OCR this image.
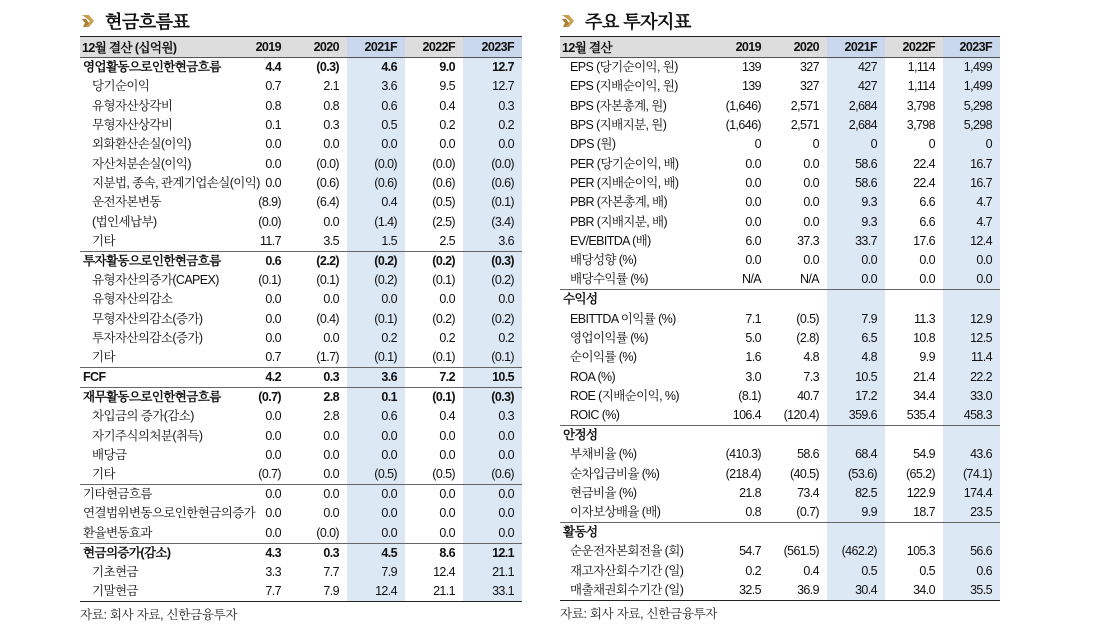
현금흐름표
12월 결산 (십억원)	2019	2020	2021F	2022F	2023F
영업활동으로인한현금흐름	4.4	(0.3)	4.6	9.0	12.7
당기순이익	0.7	2.1	3.6	9.5	12.7
유형자산상각비	0.8	0.8	0.6	0.4	0.3
무형자산상각비	0.1	0.3	0.5	0.2	0.2
외화환산손실(이익)	0.0	0.0	0.0	0.0	0.0
자산처분손실(이익)	0.0	(0.0)	(0.0)	(0.0)	(0.0)
지분법, 종속, 관계기업손실(이익)	0.0	(0.6)	(0.6)	(0.6)	(0.6)
운전자본변동	(8.9)	(6.4)	0.4	(0.5)	(0.1)
(법인세납부)	(0.0)	0.0	(1.4)	(2.5)	(3.4)
기타	11.7	3.5	1.5	2.5	3.6
투자활동으로인한현금흐름	0.6	(2.2)	(0.2)	(0.2)	(0.3)
유형자산의증가(CAPEX)	(0.1)	(0.1)	(0.2)	(0.1)	(0.2)
유형자산의감소	0.0	0.0	0.0	0.0	0.0
무형자산의감소(증가)	0.0	(0.4)	(0.1)	(0.2)	(0.2)
투자자산의감소(증가)	0.0	0.0	0.2	0.2	0.2
기타	0.7	(1.7)	(0.1)	(0.1)	(0.1)
FCF	4.2	0.3	3.6	7.2	10.5
재무활동으로인한현금흐름	(0.7)	2.8	0.1	(0.1)	(0.3)
차입금의 증가(감소)	0.0	2.8	0.6	0.4	0.3
자기주식의처분(취득)	0.0	0.0	0.0	0.0	0.0
배당금	0.0	0.0	0.0	0.0	0.0
기타	(0.7)	0.0	(0.5)	(0.5)	(0.6)
기타현금흐름	0.0	0.0	0.0	0.0	0.0
연결범위변동으로인한현금의증가	0.0	0.0	0.0	0.0	0.0
환율변동효과	0.0	(0.0)	0.0	0.0	0.0
현금의증가(감소)	4.3	0.3	4.5	8.6	12.1
기초현금	3.3	7.7	7.9	12.4	21.1
기말현금	7.7	7.9	12.4	21.1	33.1
자료: 회사 자료, 신한금융투자
주요 투자지표
12월 결산	2019	2020	2021F	2022F	2023F
EPS (당기순이익, 원)	139	327	427	1,114	1,499
EPS (지배순이익, 원)	139	327	427	1,114	1,499
BPS (자본총계, 원)	(1,646)	2,571	2,684	3,798	5,298
BPS (지배지분, 원)	(1,646)	2,571	2,684	3,798	5,298
DPS (원)	0	0	0	0	0
PER (당기순이익, 배)	0.0	0.0	58.6	22.4	16.7
PER (지배순이익, 배)	0.0	0.0	58.6	22.4	16.7
PBR (자본총계, 배)	0.0	0.0	9.3	6.6	4.7
PBR (지배지분, 배)	0.0	0.0	9.3	6.6	4.7
EV/EBITDA (배)	6.0	37.3	33.7	17.6	12.4
배당성향 (%)	0.0	0.0	0.0	0.0	0.0
배당수익률 (%)	N/A	N/A	0.0	0.0	0.0
수익성					
EBITTDA 이익률 (%)	7.1	(0.5)	7.9	11.3	12.9
영업이익률 (%)	5.0	(2.8)	6.5	10.8	12.5
순이익률 (%)	1.6	4.8	4.8	9.9	11.4
ROA (%)	3.0	7.3	10.5	21.4	22.2
ROE (지배순이익, %)	(8.1)	40.7	17.2	34.4	33.0
ROIC (%)	106.4	(120.4)	359.6	535.4	458.3
안정성					
부채비율 (%)	(410.3)	58.6	68.4	54.9	43.6
순차입금비율 (%)	(218.4)	(40.5)	(53.6)	(65.2)	(74.1)
현금비율 (%)	21.8	73.4	82.5	122.9	174.4
이자보상배율 (배)	0.8	(0.7)	9.9	18.7	23.5
활동성					
순운전자본회전율 (회)	54.7	(561.5)	(462.2)	105.3	56.6
재고자산회수기간 (일)	0.2	0.4	0.5	0.5	0.6
매출채권회수기간 (일)	32.5	36.9	30.4	34.0	35.5
자료: 회사 자료, 신한금융투자
